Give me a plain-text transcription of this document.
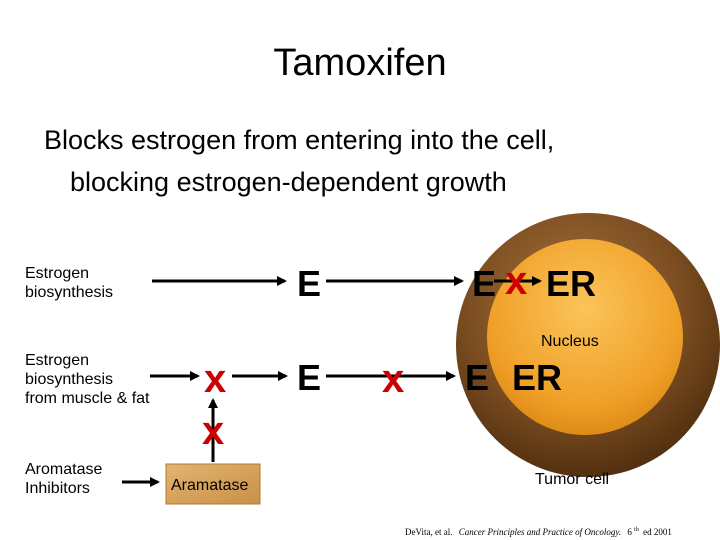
Tamoxifen
Blocks estrogen from entering into the cell,
blocking estrogen-dependent growth
E	E x ER
Nucleus
x E x E ER
x
Aramatase	Tumor cell
DeVita, et al. Cancer Principles and Practice of Oncology. 6 $^{th}$ ed 2001
Estrogen
biosynthesis
Estrogen
biosynthesis
from muscle & fat
Aromatase
Inhibitors
